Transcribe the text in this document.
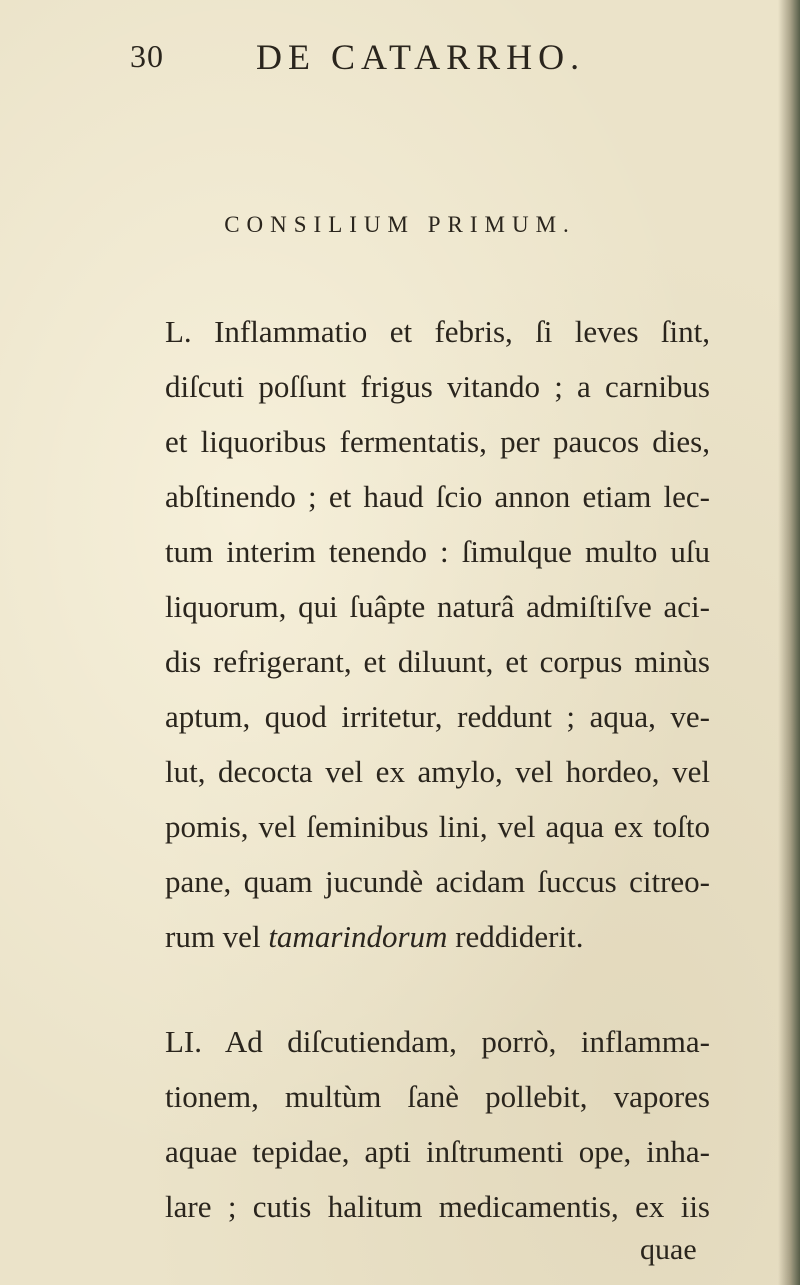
30	DE CATARRHO.
CONSILIUM PRIMUM.
L. Inflammatio et febris, ſi leves ſint,
diſcuti poſſunt frigus vitando ; a carnibus
et liquoribus fermentatis, per paucos dies,
abſtinendo ; et haud ſcio annon etiam lec-
tum interim tenendo : ſimulque multo uſu
liquorum, qui ſuâpte naturâ admiſtiſve aci-
dis refrigerant, et diluunt, et corpus minùs
aptum, quod irritetur, reddunt ; aqua, ve-
lut, decocta vel ex amylo, vel hordeo, vel
pomis, vel ſeminibus lini, vel aqua ex toſto
pane, quam jucundè acidam ſuccus citreo-
rum vel tamarindorum reddiderit.
LI. Ad diſcutiendam, porrò, inflamma-
tionem, multùm ſanè pollebit, vapores
aquae tepidae, apti inſtrumenti ope, inha-
lare ; cutis halitum medicamentis, ex iis
quae
